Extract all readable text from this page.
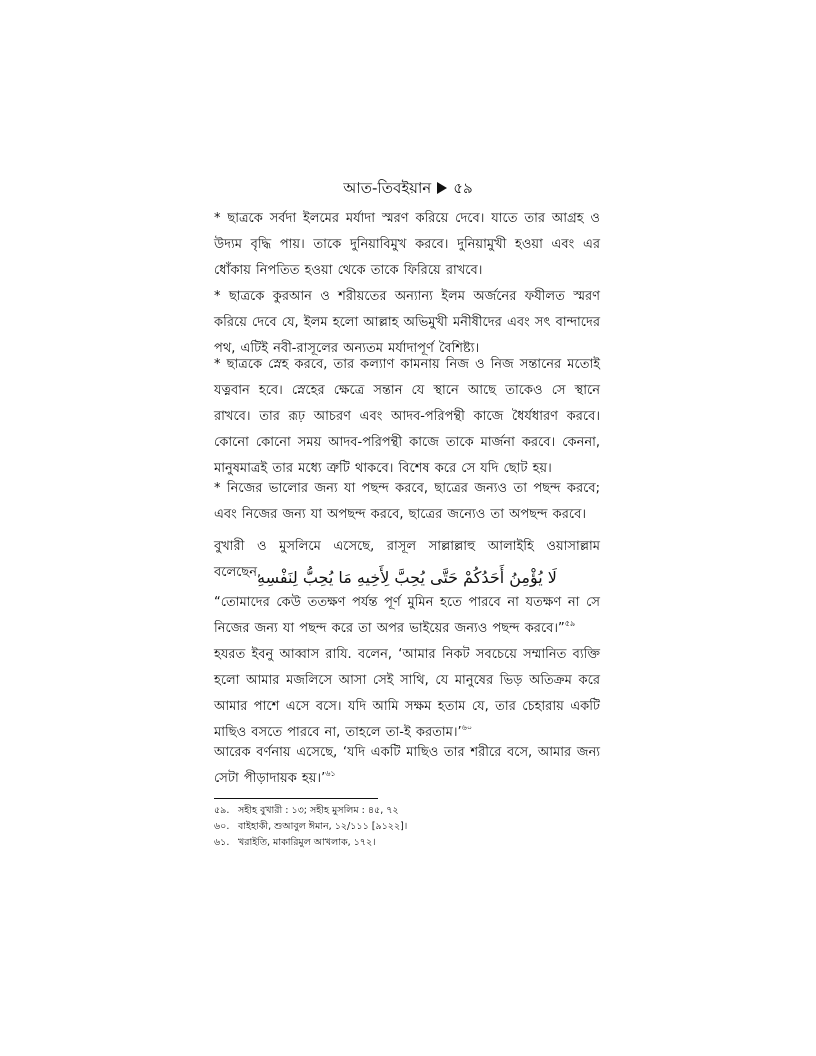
আত-তিবইয়ান ৫৯

* ছাত্রকে সর্বদা ইলমের মর্যাদা স্মরণ করিয়ে দেবে। যাতে তার আগ্রহ ও উদ্যম বৃদ্ধি পায়। তাকে দুনিয়াবিমুখ করবে। দুনিয়ামুখী হওয়া এবং এর ধোঁকায় নিপতিত হওয়া থেকে তাকে ফিরিয়ে রাখবে।

* ছাত্রকে কুরআন ও শরীয়তের অন্যান্য ইলম অর্জনের ফযীলত স্মরণ করিয়ে দেবে যে, ইলম হলো আল্লাহ অভিমুখী মনীষীদের এবং সৎ বান্দাদের পথ, এটিই নবী-রাসূলের অন্যতম মর্যাদাপূর্ণ বৈশিষ্ট্য।

* ছাত্রকে স্নেহ করবে, তার কল্যাণ কামনায় নিজ ও নিজ সন্তানের মতোই যত্নবান হবে। স্নেহের ক্ষেত্রে সন্তান যে স্থানে আছে তাকেও সে স্থানে রাখবে। তার রূঢ় আচরণ এবং আদব-পরিপন্থী কাজে ধৈর্যধারণ করবে। কোনো কোনো সময় আদব-পরিপন্থী কাজে তাকে মার্জনা করবে। কেননা, মানুষমাত্রই তার মধ্যে ত্রুটি থাকবে। বিশেষ করে সে যদি ছোট হয়।

* নিজের ভালোর জন্য যা পছন্দ করবে, ছাত্রের জন্যও তা পছন্দ করবে; এবং নিজের জন্য যা অপছন্দ করবে, ছাত্রের জন্যেও তা অপছন্দ করবে।

বুখারী ও মুসলিমে এসেছে, রাসূল সাল্লাল্লাহু আলাইহি ওয়াসাল্লাম বলেছেন,

لَا يُؤْمِنُ أَحَدُكُمْ حَتَّى يُحِبَّ لِأَخِيهِ مَا يُحِبُّ لِنَفْسِهِ

“তোমাদের কেউ ততক্ষণ পর্যন্ত পূর্ণ মুমিন হতে পারবে না যতক্ষণ না সে নিজের জন্য যা পছন্দ করে তা অপর ভাইয়ের জন্যও পছন্দ করবে।”$^{৫৯}$

হযরত ইবনু আব্বাস রাযি. বলেন, ‘আমার নিকট সবচেয়ে সম্মানিত ব্যক্তি হলো আমার মজলিসে আসা সেই সাথি, যে মানুষের ভিড় অতিক্রম করে আমার পাশে এসে বসে। যদি আমি সক্ষম হতাম যে, তার চেহারায় একটি মাছিও বসতে পারবে না, তাহলে তা-ই করতাম।’$^{৬০}$

আরেক বর্ণনায় এসেছে, ‘যদি একটি মাছিও তার শরীরে বসে, আমার জন্য সেটা পীড়াদায়ক হয়।’$^{৬১}$

৫৯. সহীহ বুখারী : ১৩; সহীহ মুসলিম : ৪৫, ৭২
৬০. বাইহাকী, শুআবুল ঈমান, ১২/১১১ [৯১২২]।
৬১. খরাইতি, মাকারিমুল আখলাক, ১৭২।
